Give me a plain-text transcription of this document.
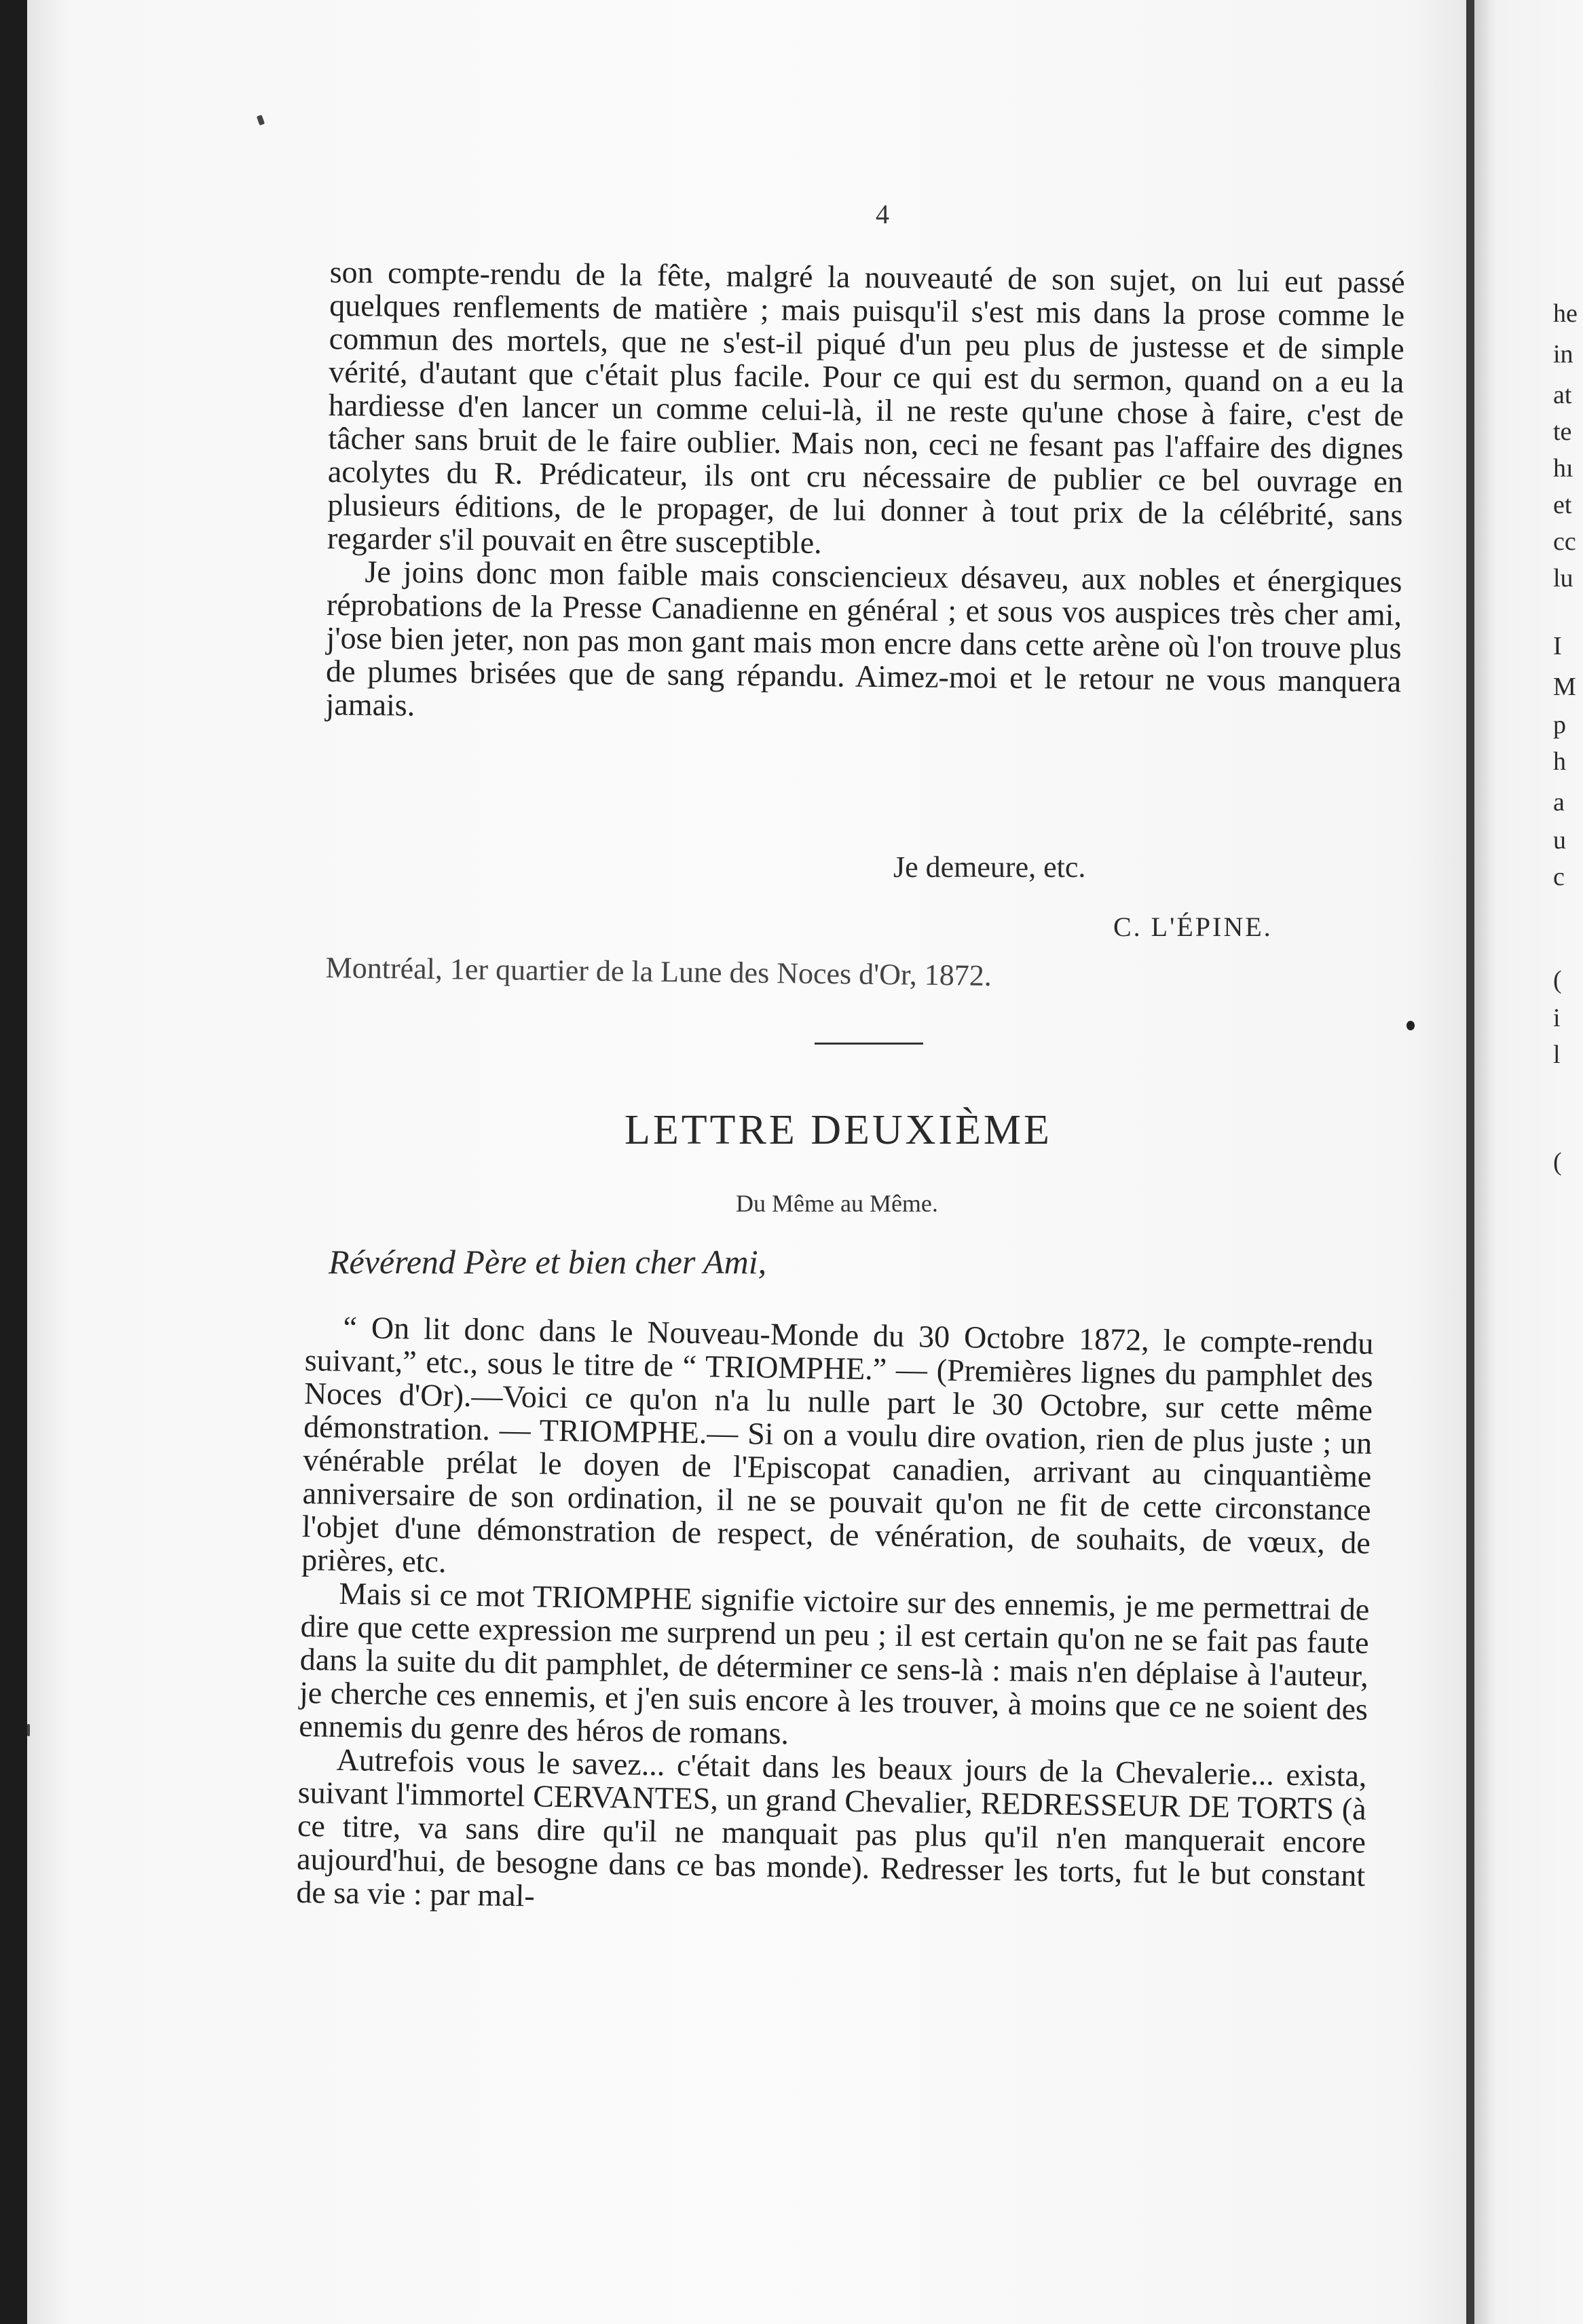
4

son compte-rendu de la fête, malgré la nouveauté de son sujet, on lui eut passé quelques renflements de matière ; mais puisqu'il s'est mis dans la prose comme le commun des mortels, que ne s'est-il piqué d'un peu plus de justesse et de simple vérité, d'autant que c'était plus facile. Pour ce qui est du sermon, quand on a eu la hardiesse d'en lancer un comme celui-là, il ne reste qu'une chose à faire, c'est de tâcher sans bruit de le faire oublier. Mais non, ceci ne fesant pas l'affaire des dignes acolytes du R. Prédicateur, ils ont cru nécessaire de publier ce bel ouvrage en plusieurs éditions, de le propager, de lui donner à tout prix de la célébrité, sans regarder s'il pouvait en être susceptible.

Je joins donc mon faible mais consciencieux désaveu, aux nobles et énergiques réprobations de la Presse Canadienne en général ; et sous vos auspices très cher ami, j'ose bien jeter, non pas mon gant mais mon encre dans cette arène où l'on trouve plus de plumes brisées que de sang répandu. Aimez-moi et le retour ne vous manquera jamais.

Je demeure, etc.
C. L'ÉPINE.
Montréal, 1er quartier de la Lune des Noces d'Or, 1872.
LETTRE DEUXIÈME
Du Même au Même.
Révérend Père et bien cher Ami,

“ On lit donc dans le Nouveau-Monde du 30 Octobre 1872, le compte-rendu suivant,” etc., sous le titre de “ TRIOMPHE.” — (Premières lignes du pamphlet des Noces d'Or).—Voici ce qu'on n'a lu nulle part le 30 Octobre, sur cette même démonstration. — TRIOMPHE.— Si on a voulu dire ovation, rien de plus juste ; un vénérable prélat le doyen de l'Episcopat canadien, arrivant au cinquantième anniversaire de son ordination, il ne se pouvait qu'on ne fit de cette circonstance l'objet d'une démonstration de respect, de vénération, de souhaits, de vœux, de prières, etc.

Mais si ce mot TRIOMPHE signifie victoire sur des ennemis, je me permettrai de dire que cette expression me surprend un peu ; il est certain qu'on ne se fait pas faute dans la suite du dit pamphlet, de déterminer ce sens-là : mais n'en déplaise à l'auteur, je cherche ces ennemis, et j'en suis encore à les trouver, à moins que ce ne soient des ennemis du genre des héros de romans.

Autrefois vous le savez... c'était dans les beaux jours de la Chevalerie... exista, suivant l'immortel CERVANTES, un grand Chevalier, REDRESSEUR DE TORTS (à ce titre, va sans dire qu'il ne manquait pas plus qu'il n'en manquerait encore aujourd'hui, de besogne dans ce bas monde). Redresser les torts, fut le but constant de sa vie : par mal-

he
in
at
te
hı
et
cc
lu
I
M
p
h
a
u
c
(
i
l
(
